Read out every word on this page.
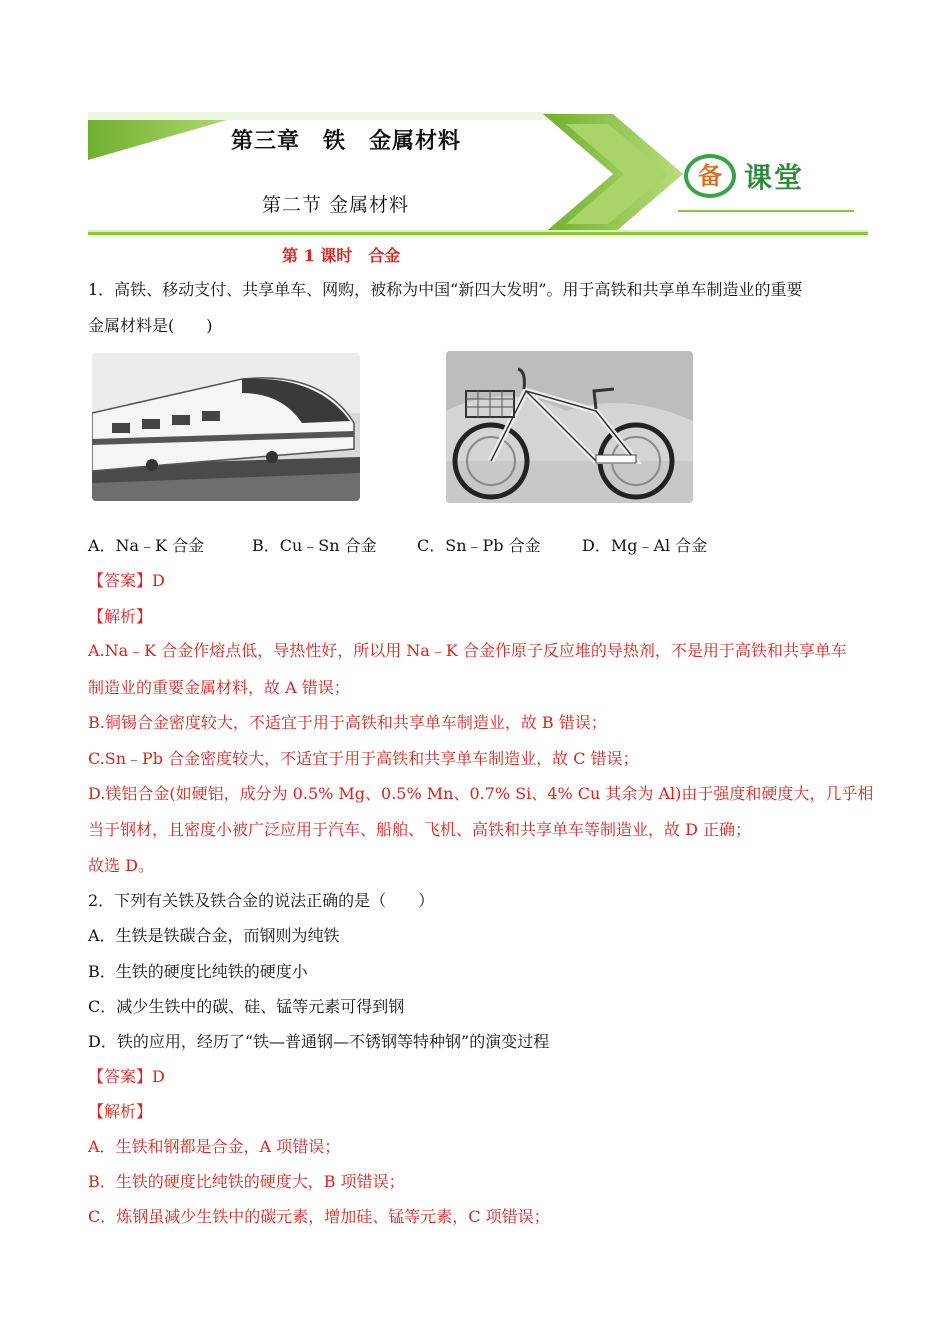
第三章　铁　金属材料
第二节 金属材料
备 课堂
第 1 课时　合金
1．高铁、移动支付、共享单车、网购，被称为中国“新四大发明”。用于高铁和共享单车制造业的重要
金属材料是(　　)

A．Na﹣K 合金

	B．Cu﹣Sn 合金

	C．Sn﹣Pb 合金

	D．Mg﹣Al 合金

【答案】D
【解析】
A.Na﹣K 合金作熔点低，导热性好，所以用 Na﹣K 合金作原子反应堆的导热剂，不是用于高铁和共享单车
制造业的重要金属材料，故 A 错误；
B.铜锡合金密度较大，不适宜于用于高铁和共享单车制造业，故 B 错误；
C.Sn﹣Pb 合金密度较大，不适宜于用于高铁和共享单车制造业，故 C 错误；
D.镁铝合金(如硬铝，成分为 0.5% Mg、0.5% Mn、0.7% Si、4% Cu 其余为 Al)由于强度和硬度大，几乎相
当于钢材，且密度小被广泛应用于汽车、船舶、飞机、高铁和共享单车等制造业，故 D 正确；
故选 D。
2．下列有关铁及铁合金的说法正确的是（　　）
A．生铁是铁碳合金，而钢则为纯铁
B．生铁的硬度比纯铁的硬度小
C．减少生铁中的碳、硅、锰等元素可得到钢
D．铁的应用，经历了“铁—普通钢—不锈钢等特种钢”的演变过程
【答案】D
【解析】
A．生铁和钢都是合金，A 项错误；
B．生铁的硬度比纯铁的硬度大，B 项错误；
C．炼钢虽减少生铁中的碳元素，增加硅、锰等元素，C 项错误；
